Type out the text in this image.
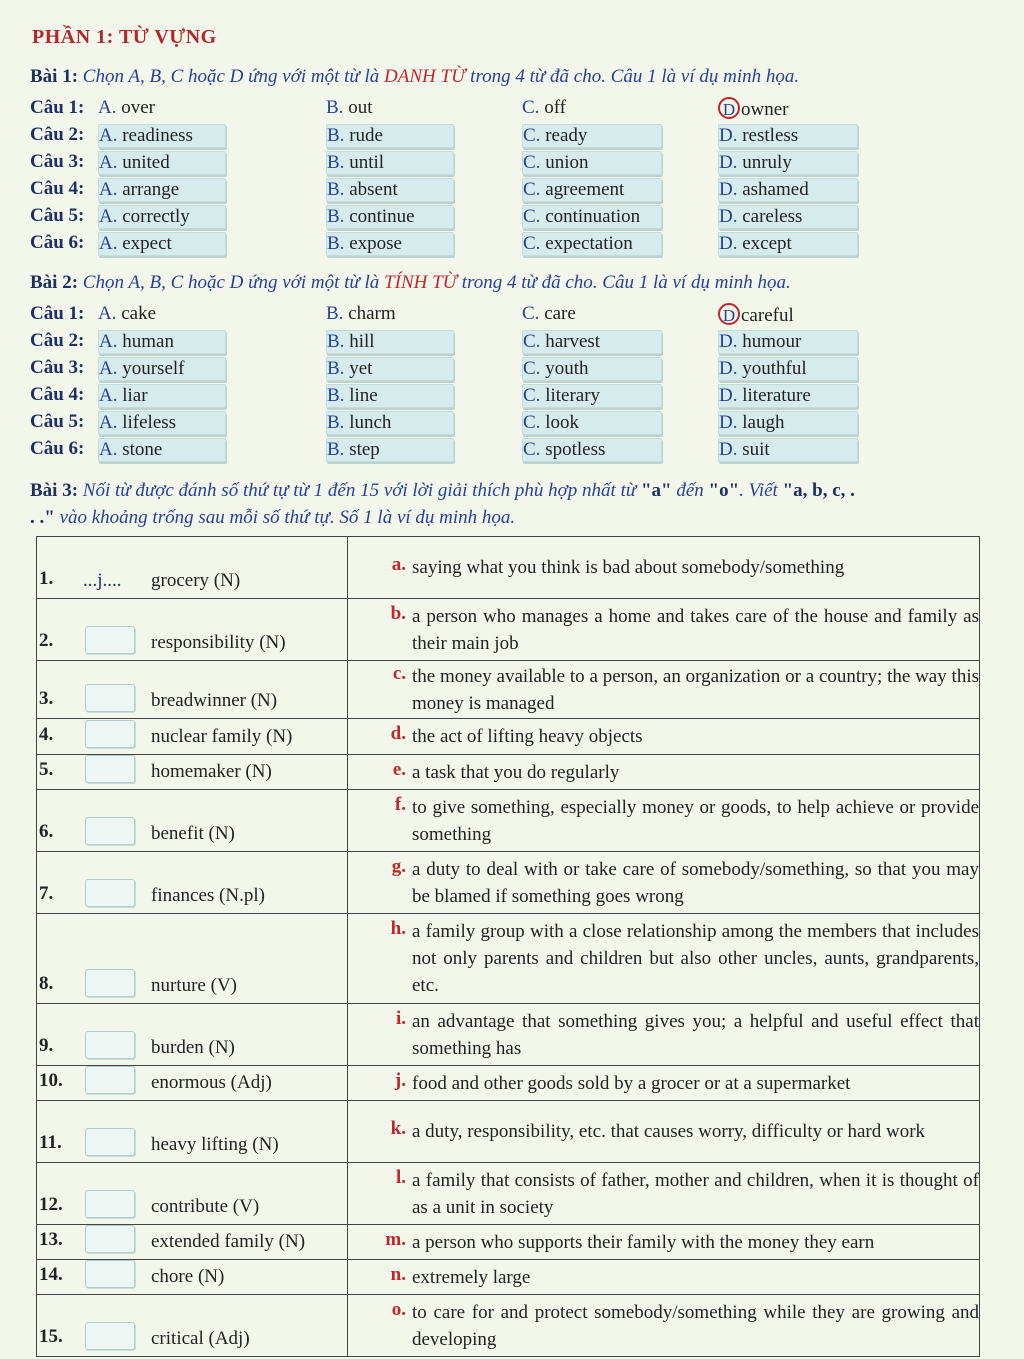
PHẦN 1: TỪ VỰNG
Bài 1: Chọn A, B, C hoặc D ứng với một từ là DANH TỪ trong 4 từ đã cho. Câu 1 là ví dụ minh họa.
Câu 1: A. over	B. out	C. off	D owner
Câu 2: A. readiness	B. rude	C. ready	D. restless
Câu 3: A. united	B. until	C. union	D. unruly
Câu 4: A. arrange	B. absent	C. agreement	D. ashamed
Câu 5: A. correctly	B. continue	C. continuation	D. careless
Câu 6: A. expect	B. expose	C. expectation	D. except
Bài 2: Chọn A, B, C hoặc D ứng với một từ là TÍNH TỪ trong 4 từ đã cho. Câu 1 là ví dụ minh họa.
Câu 1: A. cake	B. charm	C. care	D careful
Câu 2: A. human	B. hill	C. harvest	D. humour
Câu 3: A. yourself	B. yet	C. youth	D. youthful
Câu 4: A. liar	B. line	C. literary	D. literature
Câu 5: A. lifeless	B. lunch	C. look	D. laugh
Câu 6: A. stone	B. step	C. spotless	D. suit
Bài 3: Nối từ được đánh số thứ tự từ 1 đến 15 với lời giải thích phù hợp nhất từ "a" đến "o". Viết "a, b, c, .
. ." vào khoảng trống sau mỗi số thứ tự. Số 1 là ví dụ minh họa.
1. ...j.... grocery (N)	a. saying what you think is bad about somebody/something

2. responsibility (N)	b. a person who manages a home and takes care of the house and family as their main job

3. breadwinner (N)	c. the money available to a person, an organization or a country; the way this money is managed

4. nuclear family (N)	d. the act of lifting heavy objects

5. homemaker (N)	e. a task that you do regularly

6. benefit (N)	f. to give something, especially money or goods, to help achieve or provide something

7. finances (N.pl)	g. a duty to deal with or take care of somebody/something, so that you may be blamed if something goes wrong

8. nurture (V)	h. a family group with a close relationship among the members that includes not only parents and children but also other uncles, aunts, grandparents, etc.

9. burden (N)	i. an advantage that something gives you; a helpful and useful effect that something has

10. enormous (Adj)	j. food and other goods sold by a grocer or at a supermarket

11. heavy lifting (N)	k. a duty, responsibility, etc. that causes worry, difficulty or hard work

12. contribute (V)	l. a family that consists of father, mother and children, when it is thought of as a unit in society

13. extended family (N)	m. a person who supports their family with the money they earn

14. chore (N)	n. extremely large

15. critical (Adj)	o. to care for and protect somebody/something while they are growing and developing
